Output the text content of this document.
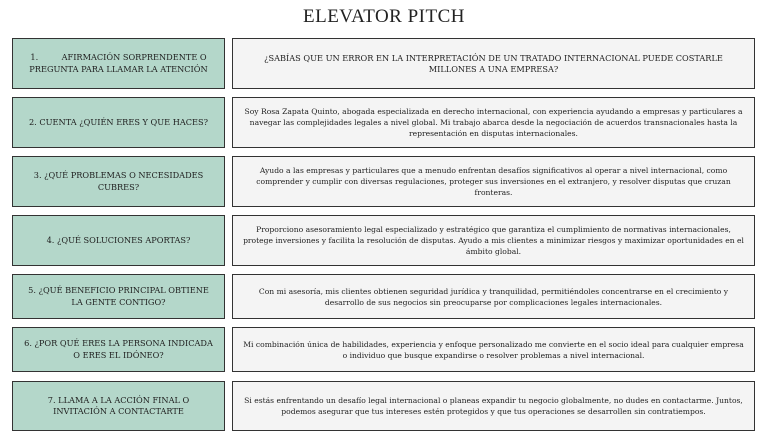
ELEVATOR PITCH
1.         AFIRMACIÓN SORPRENDENTE O PREGUNTA PARA LLAMAR LA ATENCIÓN
¿SABÍAS QUE UN ERROR EN LA INTERPRETACIÓN DE UN TRATADO INTERNACIONAL PUEDE COSTARLE MILLONES A UNA EMPRESA?
2. CUENTA ¿QUIÉN ERES Y QUE HACES?
Soy Rosa Zapata Quinto, abogada especializada en derecho internacional, con experiencia ayudando a empresas y particulares a navegar las complejidades legales a nivel global. Mi trabajo abarca desde la negociación de acuerdos transnacionales hasta la representación en disputas internacionales.
3. ¿QUÉ PROBLEMAS O NECESIDADES CUBRES?
Ayudo a las empresas y particulares que a menudo enfrentan desafíos significativos al operar a nivel internacional, como comprender y cumplir con diversas regulaciones, proteger sus inversiones en el extranjero, y resolver disputas que cruzan fronteras.
4. ¿QUÉ SOLUCIONES APORTAS?
Proporciono asesoramiento legal especializado y estratégico que garantiza el cumplimiento de normativas internacionales, protege inversiones y facilita la resolución de disputas. Ayudo a mis clientes a minimizar riesgos y maximizar oportunidades en el ámbito global.
5. ¿QUÉ BENEFICIO PRINCIPAL OBTIENE LA GENTE CONTIGO?
Con mi asesoría, mis clientes obtienen seguridad jurídica y tranquilidad, permitiéndoles concentrarse en el crecimiento y desarrollo de sus negocios sin preocuparse por complicaciones legales internacionales.
6. ¿POR QUÉ ERES LA PERSONA INDICADA O ERES EL IDÓNEO?
Mi combinación única de habilidades, experiencia y enfoque personalizado me convierte en el socio ideal para cualquier empresa o individuo que busque expandirse o resolver problemas a nivel internacional.
7. LLAMA A LA ACCIÓN FINAL O INVITACIÓN A CONTACTARTE
Si estás enfrentando un desafío legal internacional o planeas expandir tu negocio globalmente, no dudes en contactarme. Juntos, podemos asegurar que tus intereses estén protegidos y que tus operaciones se desarrollen sin contratiempos.
